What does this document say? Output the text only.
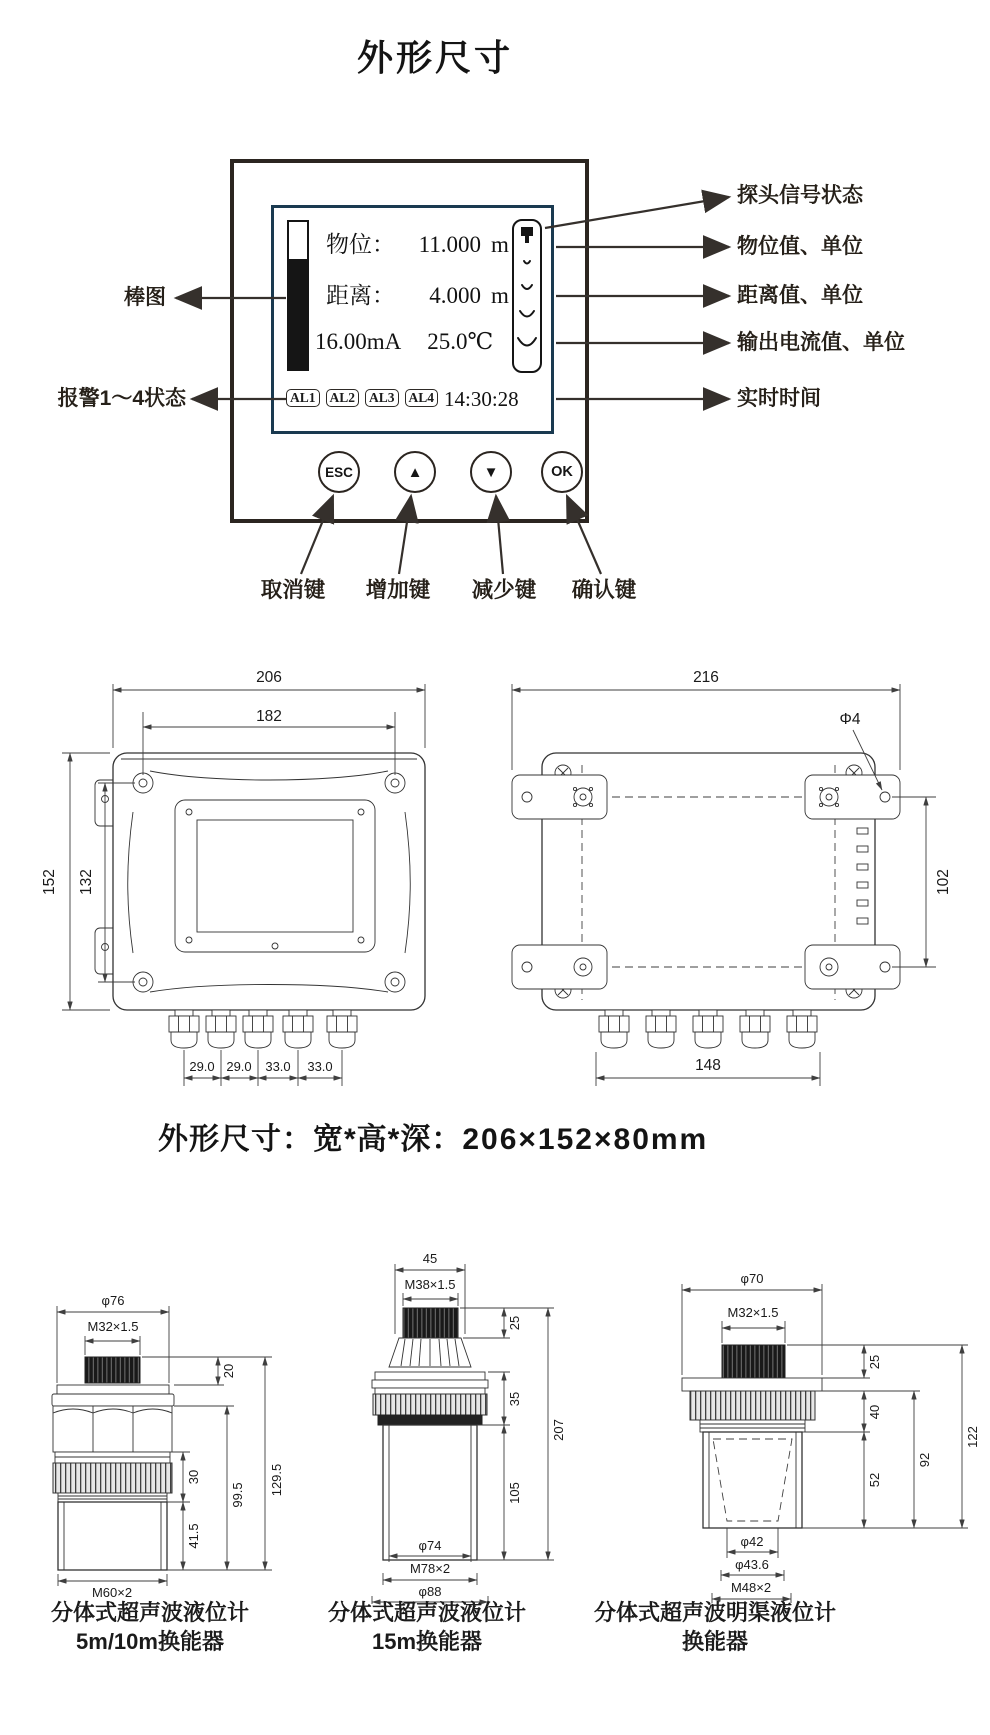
外形尺寸
物位： 11.000 m
距离： 4.000 m
16.00mA 25.0℃
AL1 AL2 AL3 AL4 14:30:28
ESC	▲	▼	OK
棒图
报警1～4状态
探头信号状态
物位值、单位
距离值、单位
输出电流值、单位
实时时间
取消键	增加键	减少键	确认键
206
182
152 132
29.0 29.0 33.0 33.0
216
Φ4
102
148
外形尺寸：宽*高*深：206×152×80mm
φ76
M32×1.5
20
30
41.5
99.5 129.5
M60×2
45
M38×1.5
25
35
105
207
φ74
M78×2
φ88
φ70
M32×1.5
25
40
52
92
122
φ42
φ43.6
M48×2
分体式超声波液位计
5m/10m换能器
分体式超声波液位计
15m换能器
分体式超声波明渠液位计
换能器
